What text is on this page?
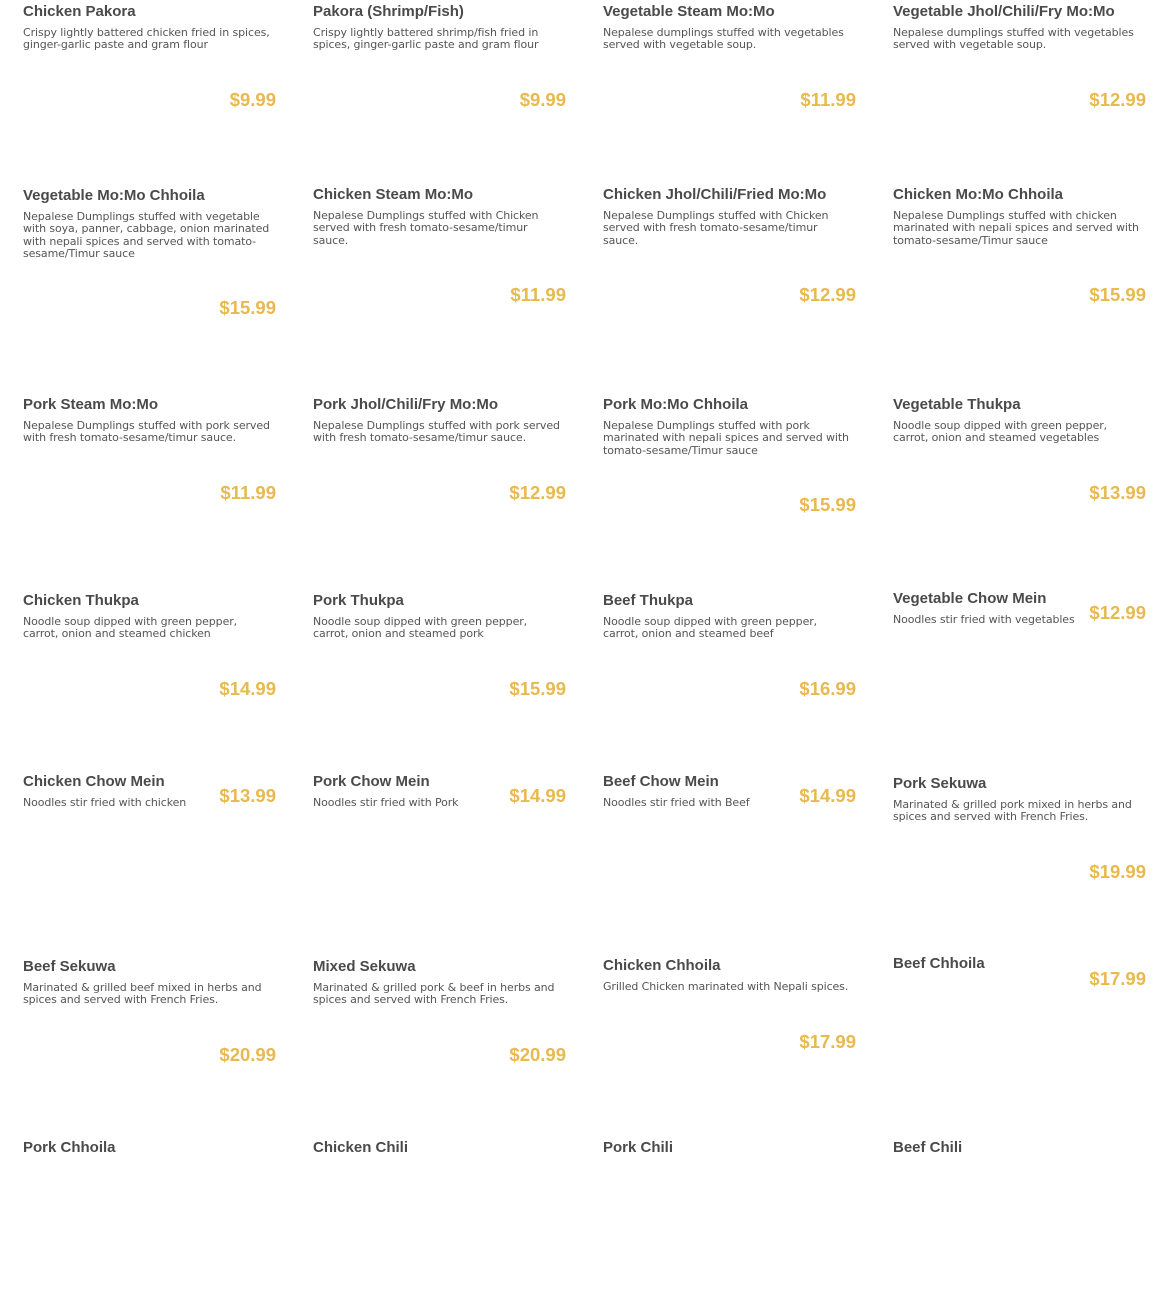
Chicken Pakora
Crispy lightly battered chicken fried in spices,
ginger-garlic paste and gram flour
$9.99
Pakora (Shrimp/Fish)
Crispy lightly battered shrimp/fish fried in
spices, ginger-garlic paste and gram flour
$9.99
Vegetable Steam Mo:Mo
Nepalese dumplings stuffed with vegetables
served with vegetable soup.
$11.99
Vegetable Jhol/Chili/Fry Mo:Mo
Nepalese dumplings stuffed with vegetables
served with vegetable soup.
$12.99
Vegetable Mo:Mo Chhoila
Nepalese Dumplings stuffed with vegetable
with soya, panner, cabbage, onion marinated
with nepali spices and served with tomato-
sesame/Timur sauce
$15.99
Chicken Steam Mo:Mo
Nepalese Dumplings stuffed with Chicken
served with fresh tomato-sesame/timur
sauce.
$11.99
Chicken Jhol/Chili/Fried Mo:Mo
Nepalese Dumplings stuffed with Chicken
served with fresh tomato-sesame/timur
sauce.
$12.99
Chicken Mo:Mo Chhoila
Nepalese Dumplings stuffed with chicken
marinated with nepali spices and served with
tomato-sesame/Timur sauce
$15.99
Pork Steam Mo:Mo
Nepalese Dumplings stuffed with pork served
with fresh tomato-sesame/timur sauce.
$11.99
Pork Jhol/Chili/Fry Mo:Mo
Nepalese Dumplings stuffed with pork served
with fresh tomato-sesame/timur sauce.
$12.99
Pork Mo:Mo Chhoila
Nepalese Dumplings stuffed with pork
marinated with nepali spices and served with
tomato-sesame/Timur sauce
$15.99
Vegetable Thukpa
Noodle soup dipped with green pepper,
carrot, onion and steamed vegetables
$13.99
Chicken Thukpa
Noodle soup dipped with green pepper,
carrot, onion and steamed chicken
$14.99
Pork Thukpa
Noodle soup dipped with green pepper,
carrot, onion and steamed pork
$15.99
Beef Thukpa
Noodle soup dipped with green pepper,
carrot, onion and steamed beef
$16.99
Vegetable Chow Mein
Noodles stir fried with vegetables $12.99
Chicken Chow Mein
Noodles stir fried with chicken $13.99
Pork Chow Mein
Noodles stir fried with Pork	$14.99
Beef Chow Mein
Noodles stir fried with Beef	$14.99
Pork Sekuwa
Marinated & grilled pork mixed in herbs and
spices and served with French Fries.
$19.99
Beef Sekuwa
Marinated & grilled beef mixed in herbs and
spices and served with French Fries.
$20.99
Mixed Sekuwa
Marinated & grilled pork & beef in herbs and
spices and served with French Fries.
$20.99
Chicken Chhoila
Grilled Chicken marinated with Nepali spices.
$17.99
Beef Chhoila
$17.99
Pork Chhoila	Chicken Chili	Pork Chili	Beef Chili
